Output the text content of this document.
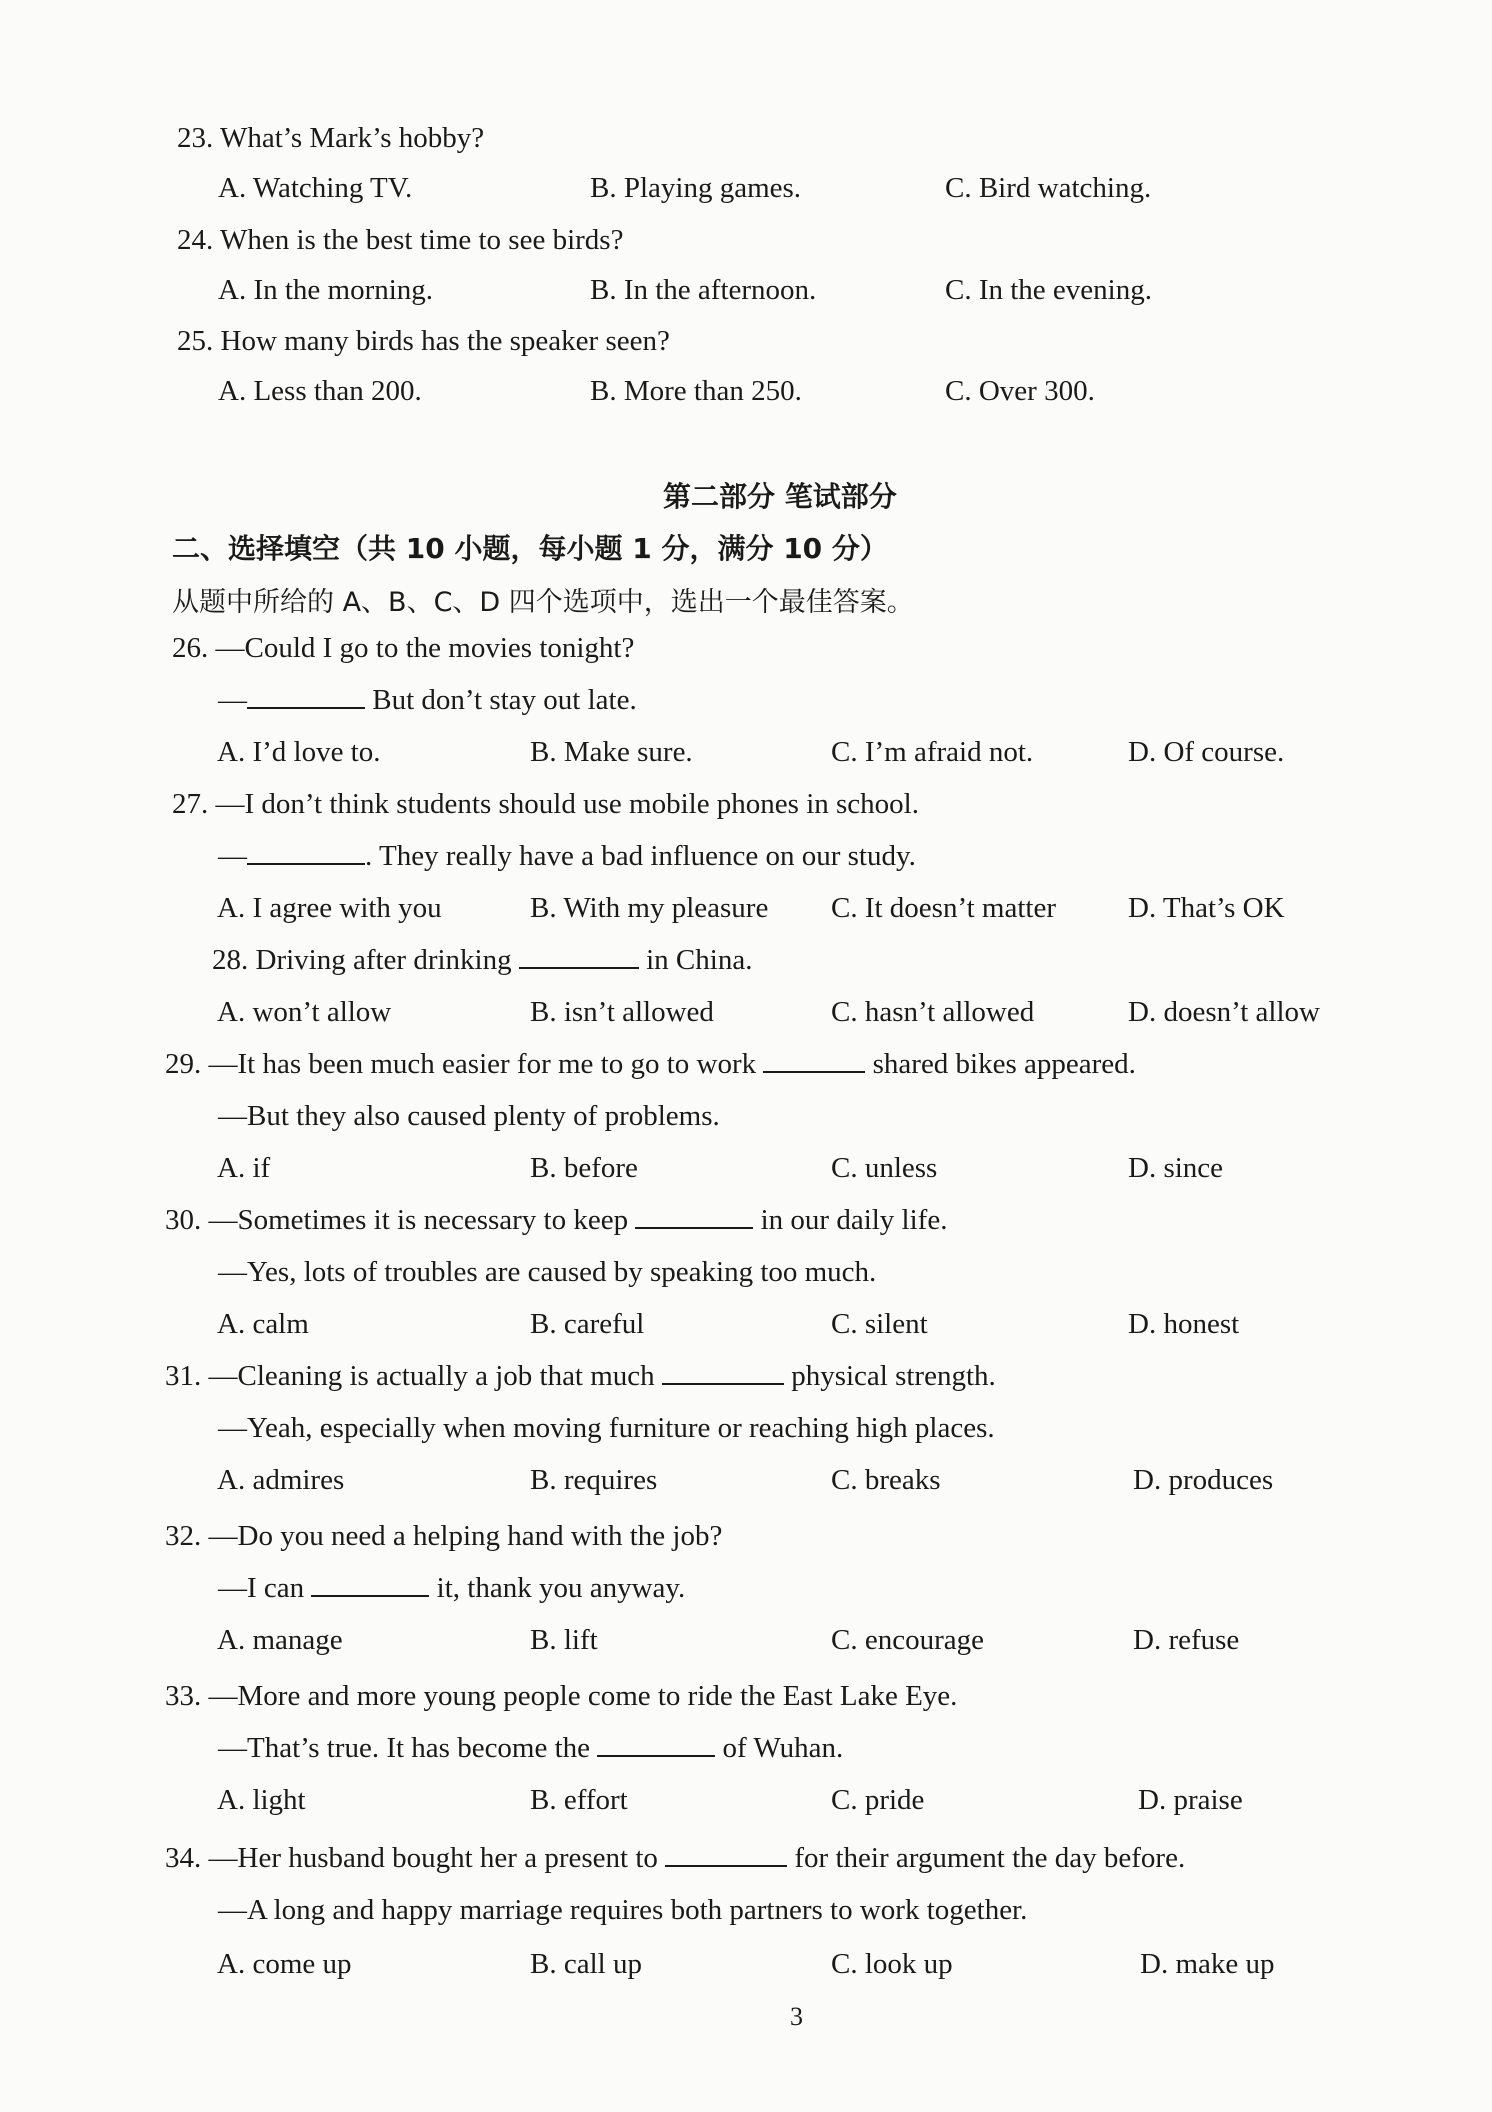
23. What’s Mark’s hobby?
A. Watching TV.	B. Playing games.	C. Bird watching.
24. When is the best time to see birds?
A. In the morning.	B. In the afternoon.	C. In the evening.
25. How many birds has the speaker seen?
A. Less than 200.	B. More than 250.	C. Over 300.
第二部分 笔试部分
二、选择填空（共 10 小题，每小题 1 分，满分 10 分）
从题中所给的 A、B、C、D 四个选项中，选出一个最佳答案。
26. —Could I go to the movies tonight?
—	But don’t stay out late.
A. I’d love to.	B. Make sure.	C. I’m afraid not.	D. Of course.
27. —I don’t think students should use mobile phones in school.
—	. They really have a bad influence on our study.
A. I agree with you	B. With my pleasure C. It doesn’t matter D. That’s OK
28. Driving after drinking	in China.
A. won’t allow	B. isn’t allowed	C. hasn’t allowed	D. doesn’t allow
29. —It has been much easier for me to go to work	shared bikes appeared.
—But they also caused plenty of problems.
A. if	B. before	C. unless	D. since
30. —Sometimes it is necessary to keep	in our daily life.
—Yes, lots of troubles are caused by speaking too much.
A. calm	B. careful	C. silent	D. honest
31. —Cleaning is actually a job that much	physical strength.
—Yeah, especially when moving furniture or reaching high places.
A. admires	B. requires	C. breaks	D. produces
32. —Do you need a helping hand with the job?
—I can	it, thank you anyway.
A. manage	B. lift	C. encourage	D. refuse
33. —More and more young people come to ride the East Lake Eye.
—That’s true. It has become the	of Wuhan.
A. light	B. effort	C. pride	D. praise
34. —Her husband bought her a present to	for their argument the day before.
—A long and happy marriage requires both partners to work together.
A. come up	B. call up	C. look up	D. make up
3
